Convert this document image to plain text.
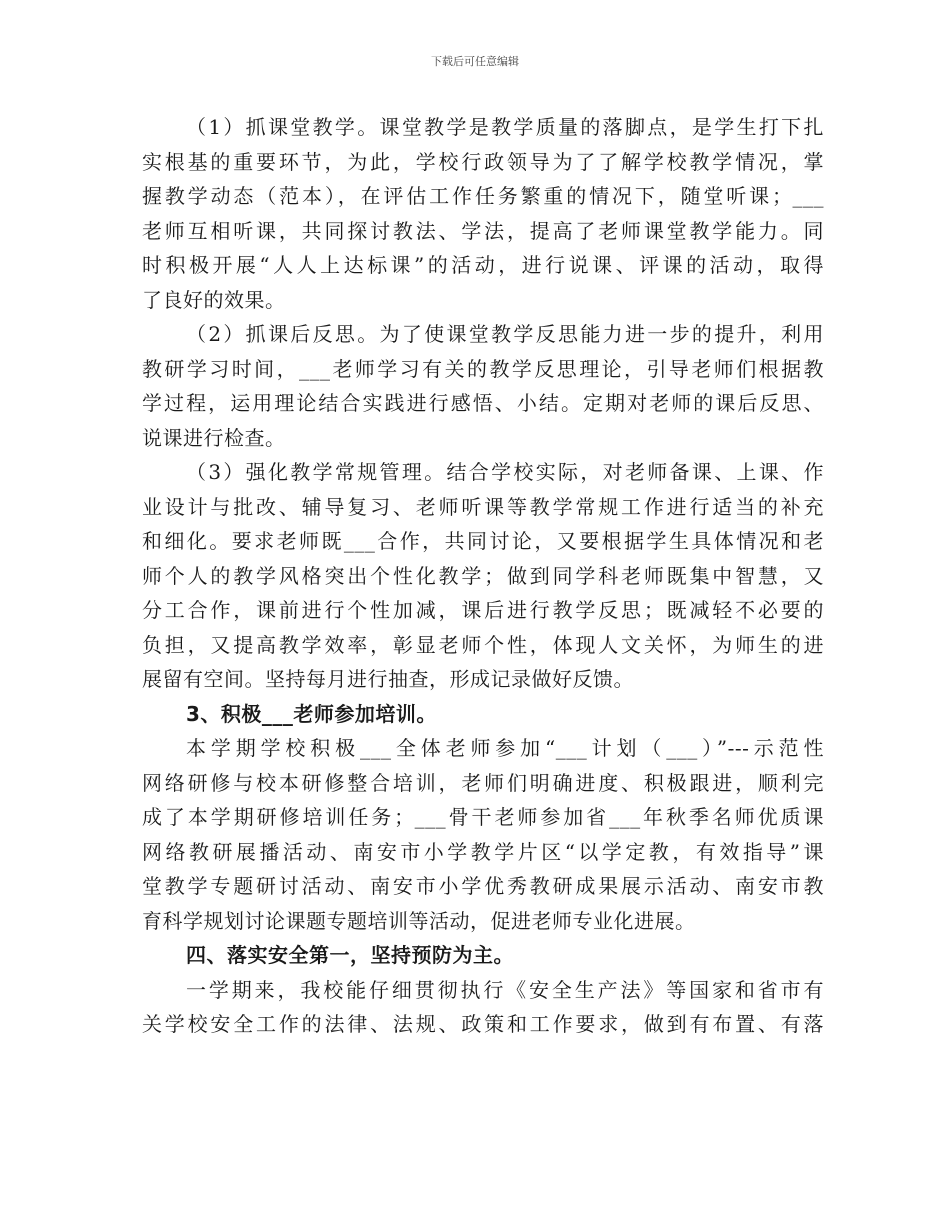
下载后可任意编辑
（1）抓课堂教学。课堂教学是教学质量的落脚点，是学生打下扎
实根基的重要环节，为此，学校行政领导为了了解学校教学情况，掌
握教学动态（范本），在评估工作任务繁重的情况下，随堂听课；___
老师互相听课，共同探讨教法、学法，提高了老师课堂教学能力。同
时积极开展“人人上达标课”的活动，进行说课、评课的活动，取得
了良好的效果。
（2）抓课后反思。为了使课堂教学反思能力进一步的提升，利用
教研学习时间，___老师学习有关的教学反思理论，引导老师们根据教
学过程，运用理论结合实践进行感悟、小结。定期对老师的课后反思、
说课进行检查。
（3）强化教学常规管理。结合学校实际，对老师备课、上课、作
业设计与批改、辅导复习、老师听课等教学常规工作进行适当的补充
和细化。要求老师既___合作，共同讨论，又要根据学生具体情况和老
师个人的教学风格突出个性化教学；做到同学科老师既集中智慧，又
分工合作，课前进行个性加减，课后进行教学反思；既减轻不必要的
负担，又提高教学效率，彰显老师个性，体现人文关怀，为师生的进
展留有空间。坚持每月进行抽查，形成记录做好反馈。
3、积极___老师参加培训。
本学期学校积极___全体老师参加“___计划（___）”---示范性
网络研修与校本研修整合培训，老师们明确进度、积极跟进，顺利完
成了本学期研修培训任务；___骨干老师参加省___年秋季名师优质课
网络教研展播活动、南安市小学教学片区“以学定教，有效指导”课
堂教学专题研讨活动、南安市小学优秀教研成果展示活动、南安市教
育科学规划讨论课题专题培训等活动，促进老师专业化进展。
四、落实安全第一，坚持预防为主。
一学期来，我校能仔细贯彻执行《安全生产法》等国家和省市有
关学校安全工作的法律、法规、政策和工作要求，做到有布置、有落
